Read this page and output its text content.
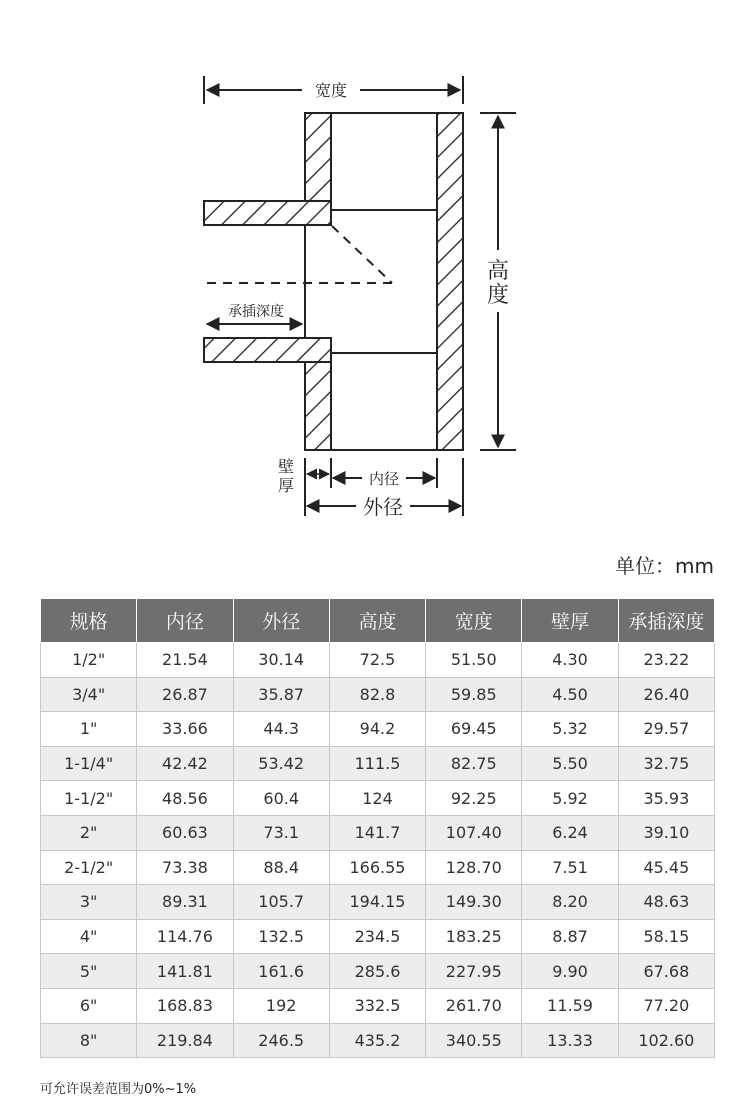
宽度
高
度
承插深度
壁
厚	内径
外径
单位：mm
规格	内径	外径	高度	宽度	壁厚	承插深度
1/2"	21.54	30.14	72.5	51.50	4.30	23.22
3/4"	26.87	35.87	82.8	59.85	4.50	26.40
1"	33.66	44.3	94.2	69.45	5.32	29.57
1-1/4"	42.42	53.42	111.5	82.75	5.50	32.75
1-1/2"	48.56	60.4	124	92.25	5.92	35.93
2"	60.63	73.1	141.7	107.40	6.24	39.10
2-1/2"	73.38	88.4	166.55	128.70	7.51	45.45
3"	89.31	105.7	194.15	149.30	8.20	48.63
4"	114.76	132.5	234.5	183.25	8.87	58.15
5"	141.81	161.6	285.6	227.95	9.90	67.68
6"	168.83	192	332.5	261.70	11.59	77.20
8"	219.84	246.5	435.2	340.55	13.33	102.60
可允许误差范围为0%~1%
